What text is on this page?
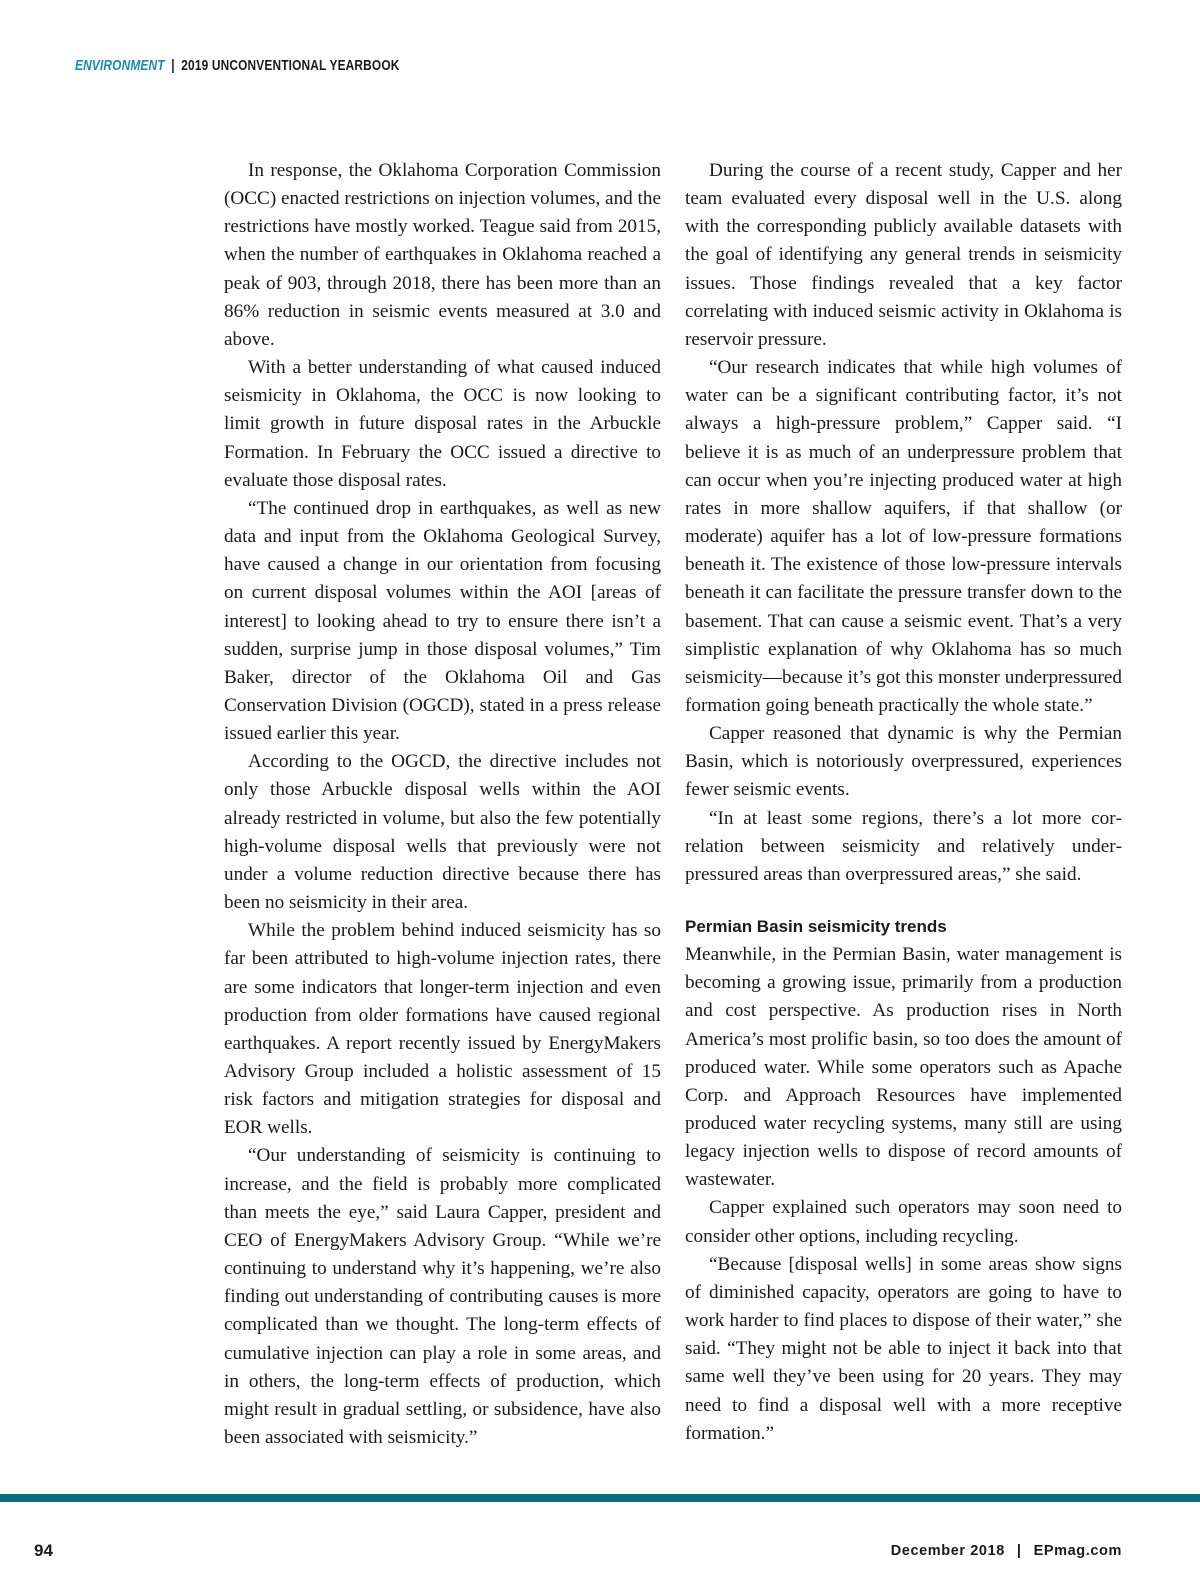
ENVIRONMENT | 2019 UNCONVENTIONAL YEARBOOK

In response, the Oklahoma Corporation Commission (OCC) enacted restrictions on injection volumes, and the restrictions have mostly worked. Teague said from 2015, when the number of earthquakes in Oklahoma reached a peak of 903, through 2018, there has been more than an 86% reduction in seismic events measured at 3.0 and above.

With a better understanding of what caused induced seismicity in Oklahoma, the OCC is now looking to limit growth in future disposal rates in the Arbuckle Formation. In February the OCC issued a directive to evaluate those disposal rates.

“The continued drop in earthquakes, as well as new data and input from the Oklahoma Geological Survey, have caused a change in our orientation from focusing on current disposal volumes within the AOI [areas of interest] to looking ahead to try to ensure there isn’t a sudden, surprise jump in those disposal volumes,” Tim Baker, director of the Oklahoma Oil and Gas Conservation Division (OGCD), stated in a press release issued earlier this year.

According to the OGCD, the directive includes not only those Arbuckle disposal wells within the AOI already restricted in volume, but also the few potentially high-volume disposal wells that previously were not under a volume reduction directive because there has been no seismicity in their area.

While the problem behind induced seismicity has so far been attributed to high-volume injection rates, there are some indicators that longer-term injection and even production from older formations have caused regional earthquakes. A report recently issued by EnergyMakers Advisory Group included a holistic assessment of 15 risk factors and mitigation strategies for disposal and EOR wells.

“Our understanding of seismicity is continuing to increase, and the field is probably more complicated than meets the eye,” said Laura Capper, president and CEO of EnergyMakers Advisory Group. “While we’re continuing to understand why it’s happening, we’re also finding out understanding of contributing causes is more complicated than we thought. The long-term effects of cumulative injection can play a role in some areas, and in others, the long-term effects of production, which might result in gradual settling, or subsidence, have also been associated with seismicity.”

During the course of a recent study, Capper and her team evaluated every disposal well in the U.S. along with the corresponding publicly available datasets with the goal of identifying any general trends in seismicity issues. Those findings revealed that a key factor correlating with induced seismic activity in Oklahoma is reservoir pressure.

“Our research indicates that while high volumes of water can be a significant contributing factor, it’s not always a high-pressure problem,” Capper said. “I believe it is as much of an underpressure problem that can occur when you’re injecting produced water at high rates in more shallow aquifers, if that shallow (or moderate) aquifer has a lot of low-pressure formations beneath it. The existence of those low-pressure intervals beneath it can facilitate the pressure transfer down to the basement. That can cause a seismic event. That’s a very simplistic explanation of why Oklahoma has so much seismicity—because it’s got this monster underpressured formation going beneath practically the whole state.”

Capper reasoned that dynamic is why the Permian Basin, which is notoriously overpressured, experiences fewer seismic events.

“In at least some regions, there’s a lot more correlation between seismicity and relatively underpressured areas than overpressured areas,” she said.

Permian Basin seismicity trends

Meanwhile, in the Permian Basin, water management is becoming a growing issue, primarily from a production and cost perspective. As production rises in North America’s most prolific basin, so too does the amount of produced water. While some operators such as Apache Corp. and Approach Resources have implemented produced water recycling systems, many still are using legacy injection wells to dispose of record amounts of wastewater.

Capper explained such operators may soon need to consider other options, including recycling.

“Because [disposal wells] in some areas show signs of diminished capacity, operators are going to have to work harder to find places to dispose of their water,” she said. “They might not be able to inject it back into that same well they’ve been using for 20 years. They may need to find a disposal well with a more receptive formation.”

94	December 2018 | EPmag.com
